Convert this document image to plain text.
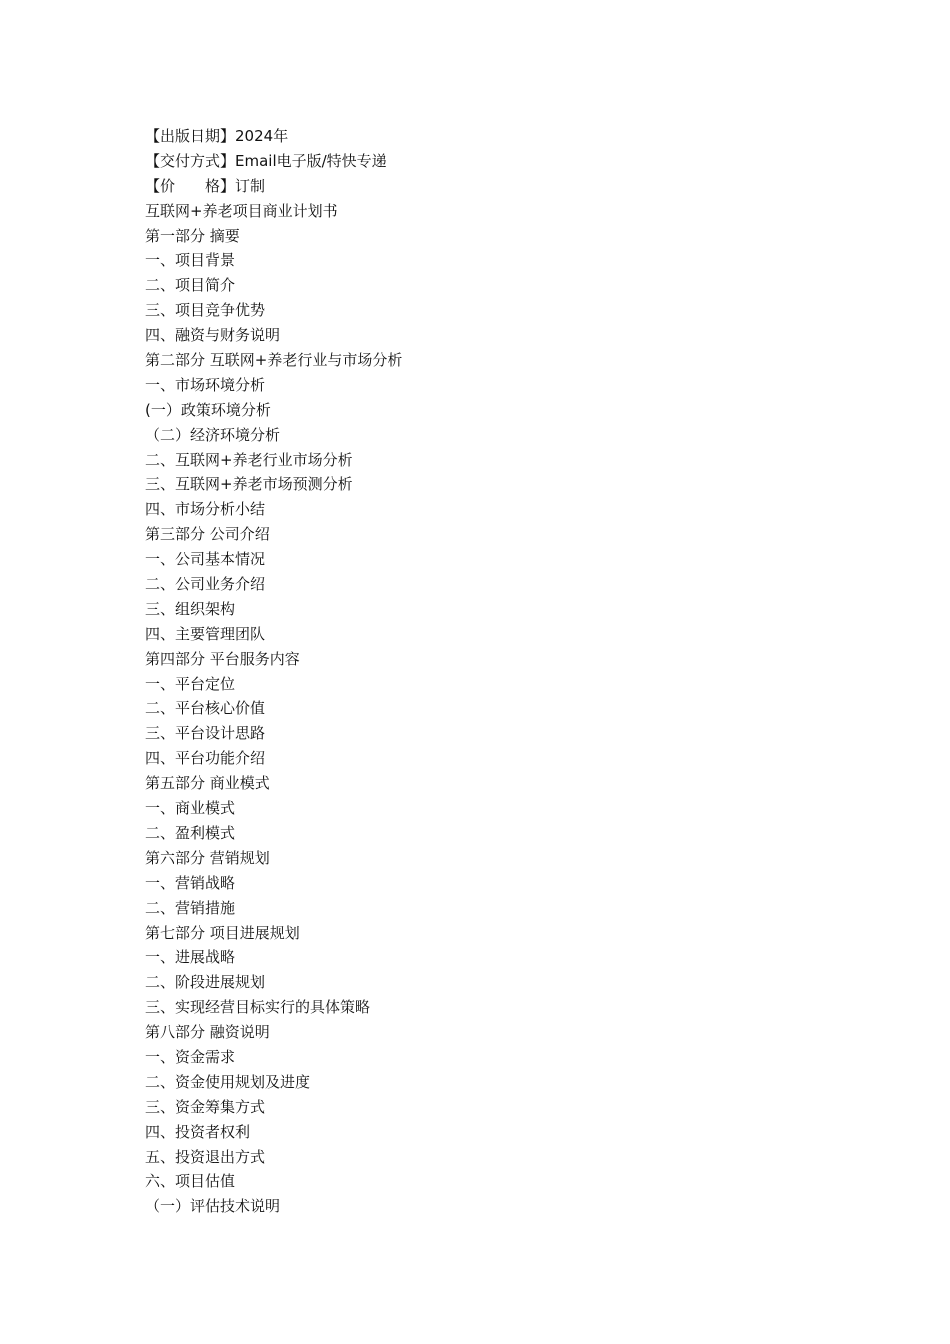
【出版日期】2024年
【交付方式】Email电子版/特快专递
【价　　格】订制
互联网+养老项目商业计划书
第一部分 摘要
一、项目背景
二、项目简介
三、项目竞争优势
四、融资与财务说明
第二部分 互联网+养老行业与市场分析
一、市场环境分析
(一）政策环境分析
（二）经济环境分析
二、互联网+养老行业市场分析
三、互联网+养老市场预测分析
四、市场分析小结
第三部分 公司介绍
一、公司基本情况
二、公司业务介绍
三、组织架构
四、主要管理团队
第四部分 平台服务内容
一、平台定位
二、平台核心价值
三、平台设计思路
四、平台功能介绍
第五部分 商业模式
一、商业模式
二、盈利模式
第六部分 营销规划
一、营销战略
二、营销措施
第七部分 项目进展规划
一、进展战略
二、阶段进展规划
三、实现经营目标实行的具体策略
第八部分 融资说明
一、资金需求
二、资金使用规划及进度
三、资金筹集方式
四、投资者权利
五、投资退出方式
六、项目估值
（一）评估技术说明
